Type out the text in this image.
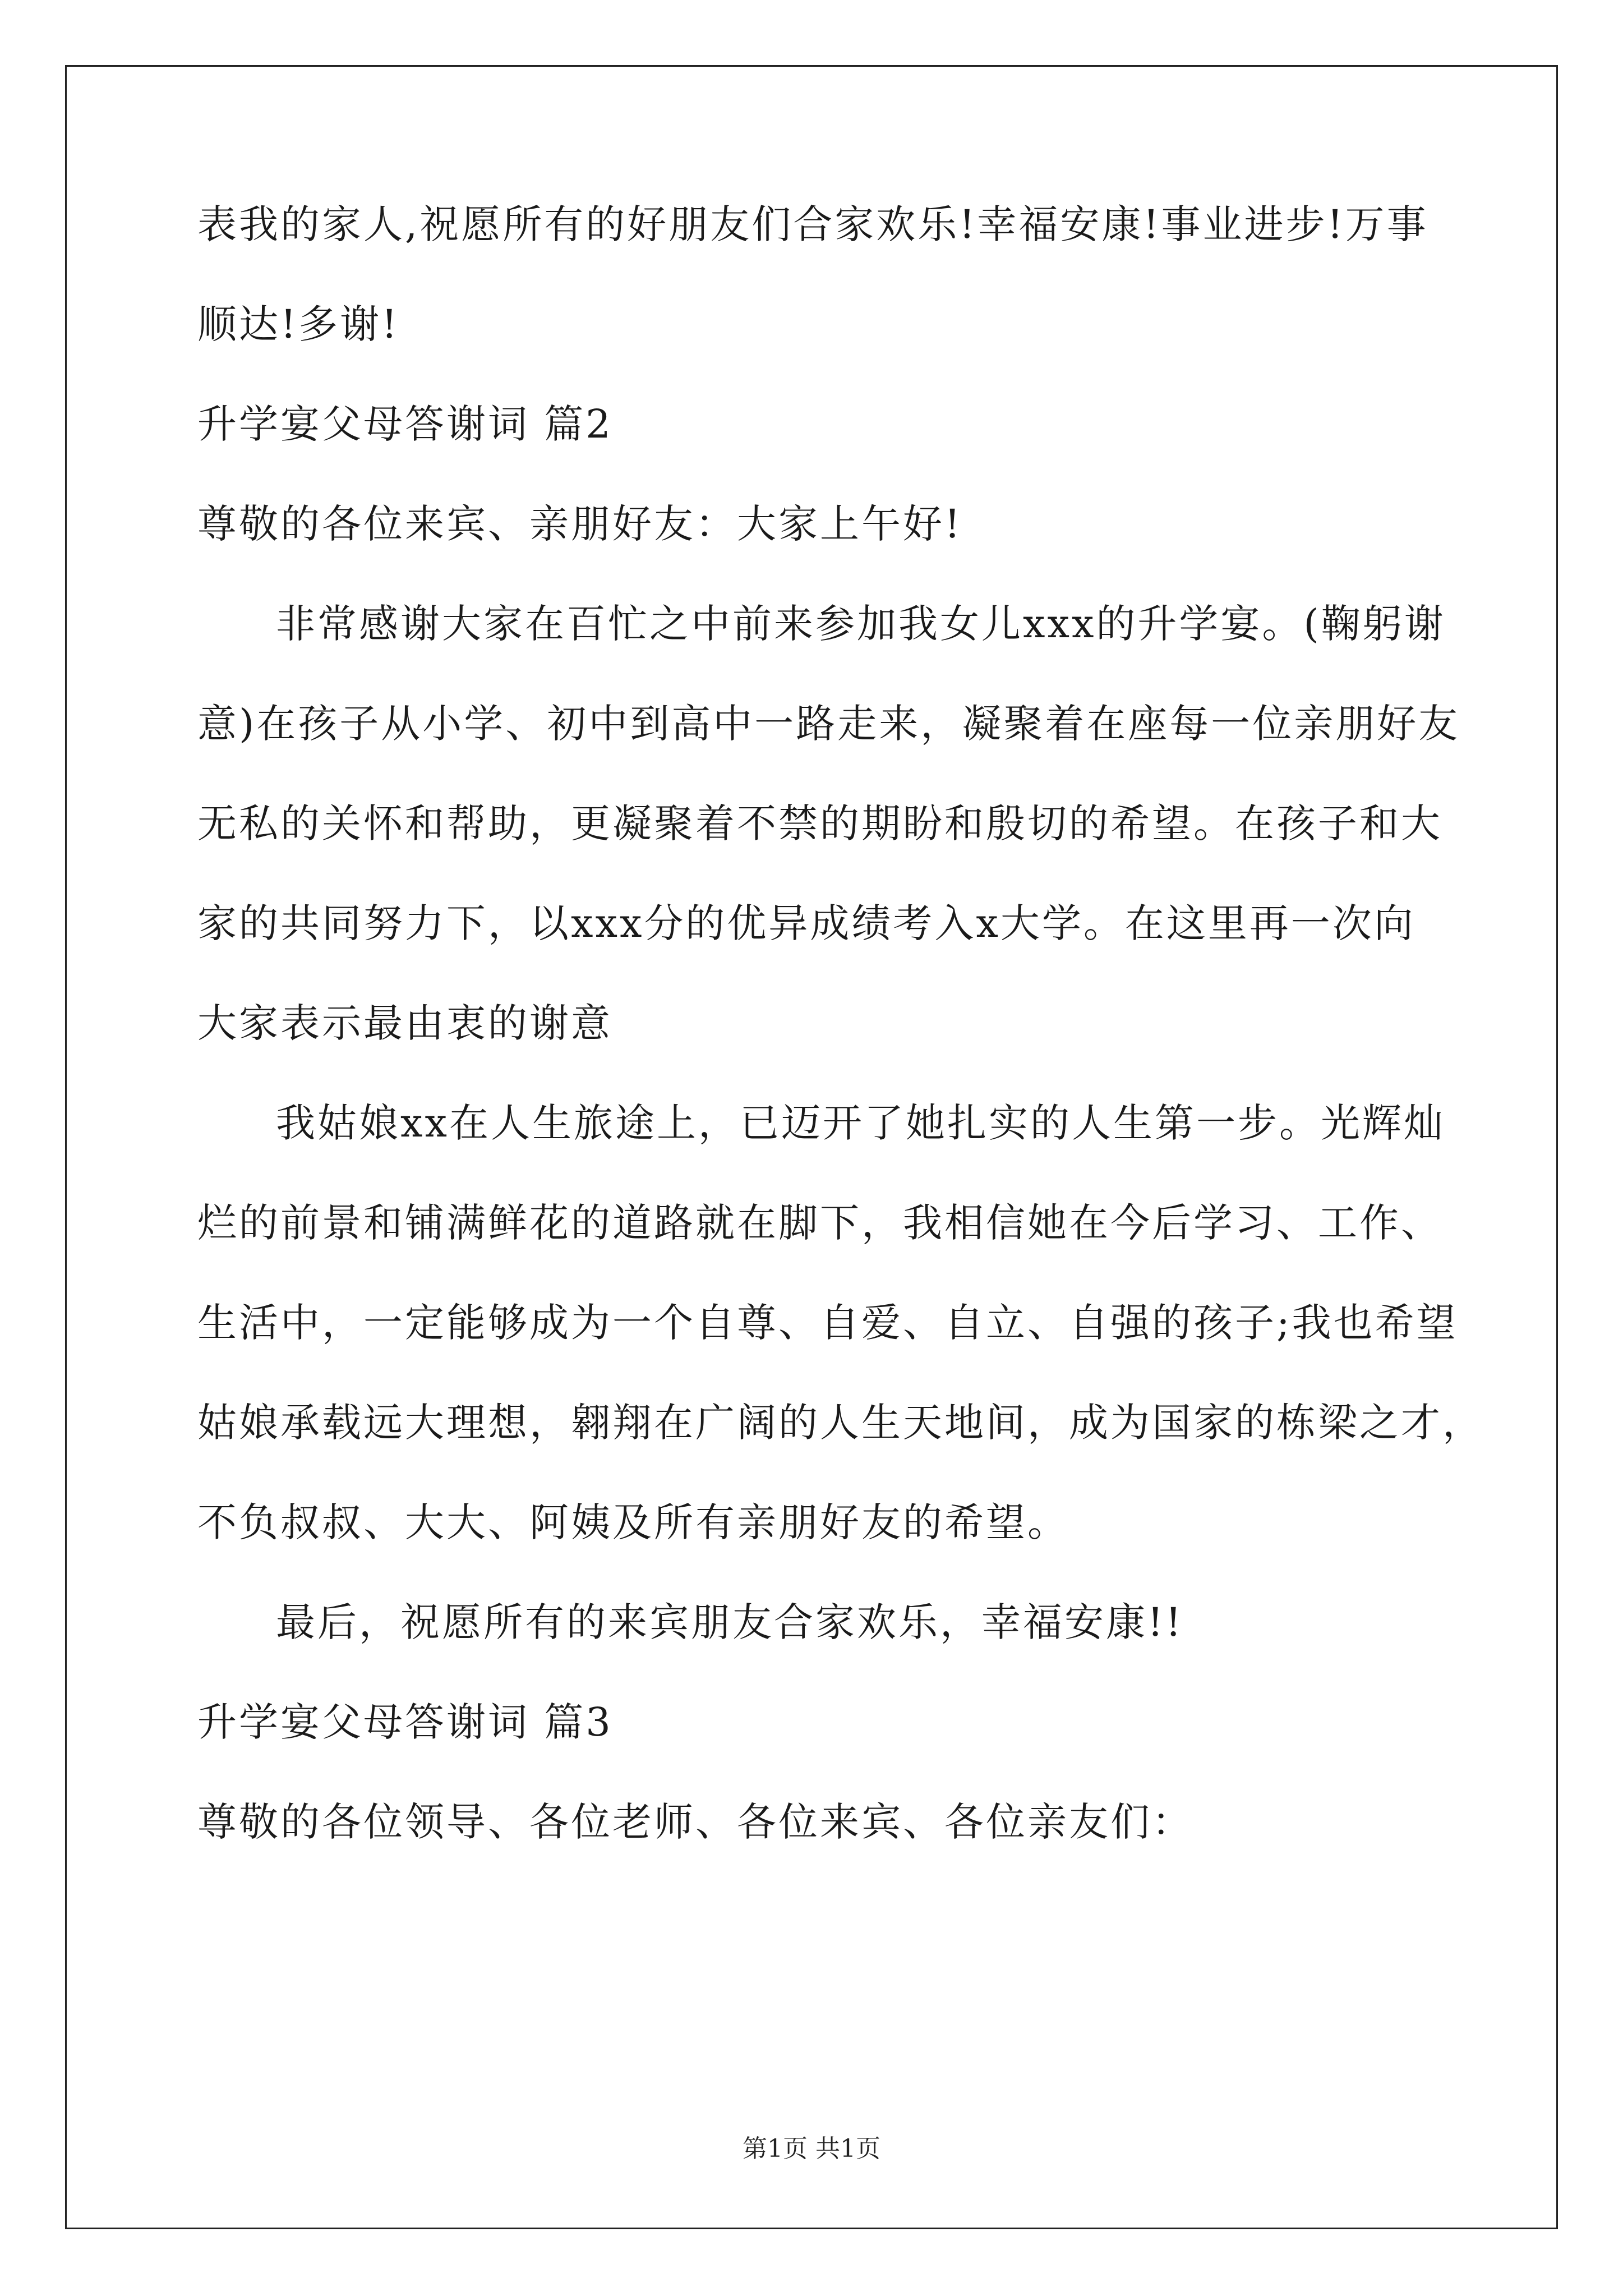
表我的家人,祝愿所有的好朋友们合家欢乐!幸福安康!事业进步!万事
顺达!多谢!
升学宴父母答谢词 篇2
尊敬的各位来宾、亲朋好友：大家上午好!
非常感谢大家在百忙之中前来参加我女儿xxx的升学宴。(鞠躬谢
意)在孩子从小学、初中到高中一路走来，凝聚着在座每一位亲朋好友
无私的关怀和帮助，更凝聚着不禁的期盼和殷切的希望。在孩子和大
家的共同努力下，以xxx分的优异成绩考入x大学。在这里再一次向
大家表示最由衷的谢意
我姑娘xx在人生旅途上，已迈开了她扎实的人生第一步。光辉灿
烂的前景和铺满鲜花的道路就在脚下，我相信她在今后学习、工作、
生活中，一定能够成为一个自尊、自爱、自立、自强的孩子;我也希望
姑娘承载远大理想，翱翔在广阔的人生天地间，成为国家的栋梁之才，
不负叔叔、大大、阿姨及所有亲朋好友的希望。
最后，祝愿所有的来宾朋友合家欢乐，幸福安康!!
升学宴父母答谢词 篇3
尊敬的各位领导、各位老师、各位来宾、各位亲友们：
第1页 共1页
